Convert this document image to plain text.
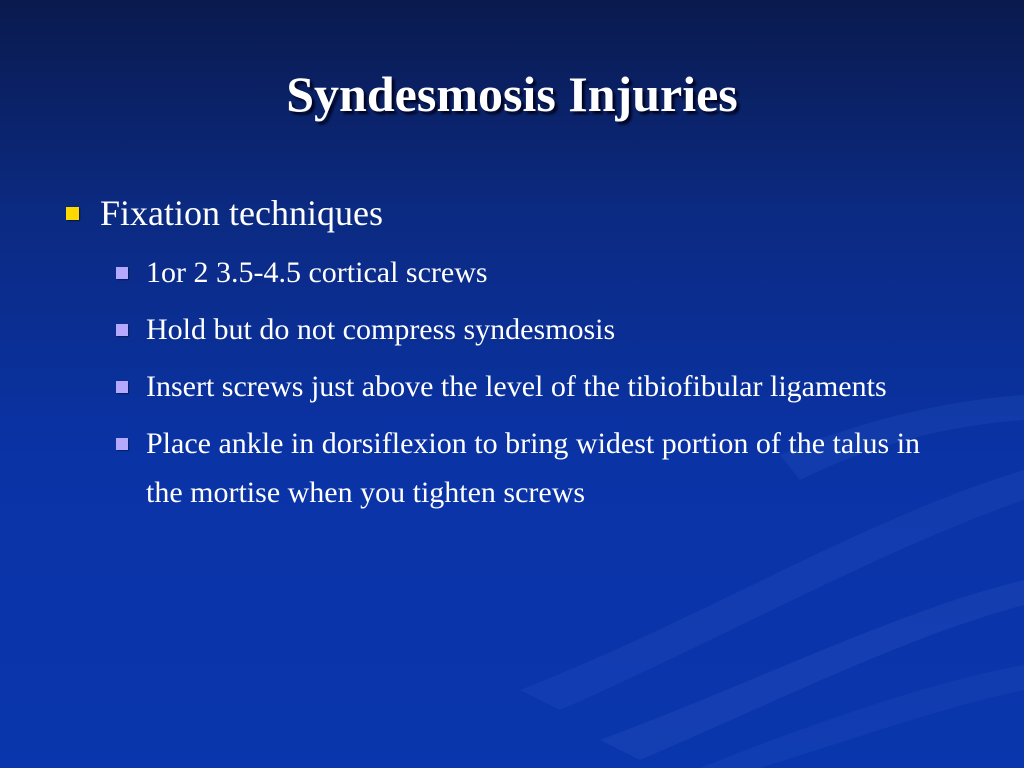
Syndesmosis Injuries
Fixation techniques
1or 2 3.5-4.5 cortical screws
Hold but do not compress syndesmosis
Insert screws just above the level of the tibiofibular ligaments
Place ankle in dorsiflexion to bring widest portion of the talus in the mortise when you tighten screws
